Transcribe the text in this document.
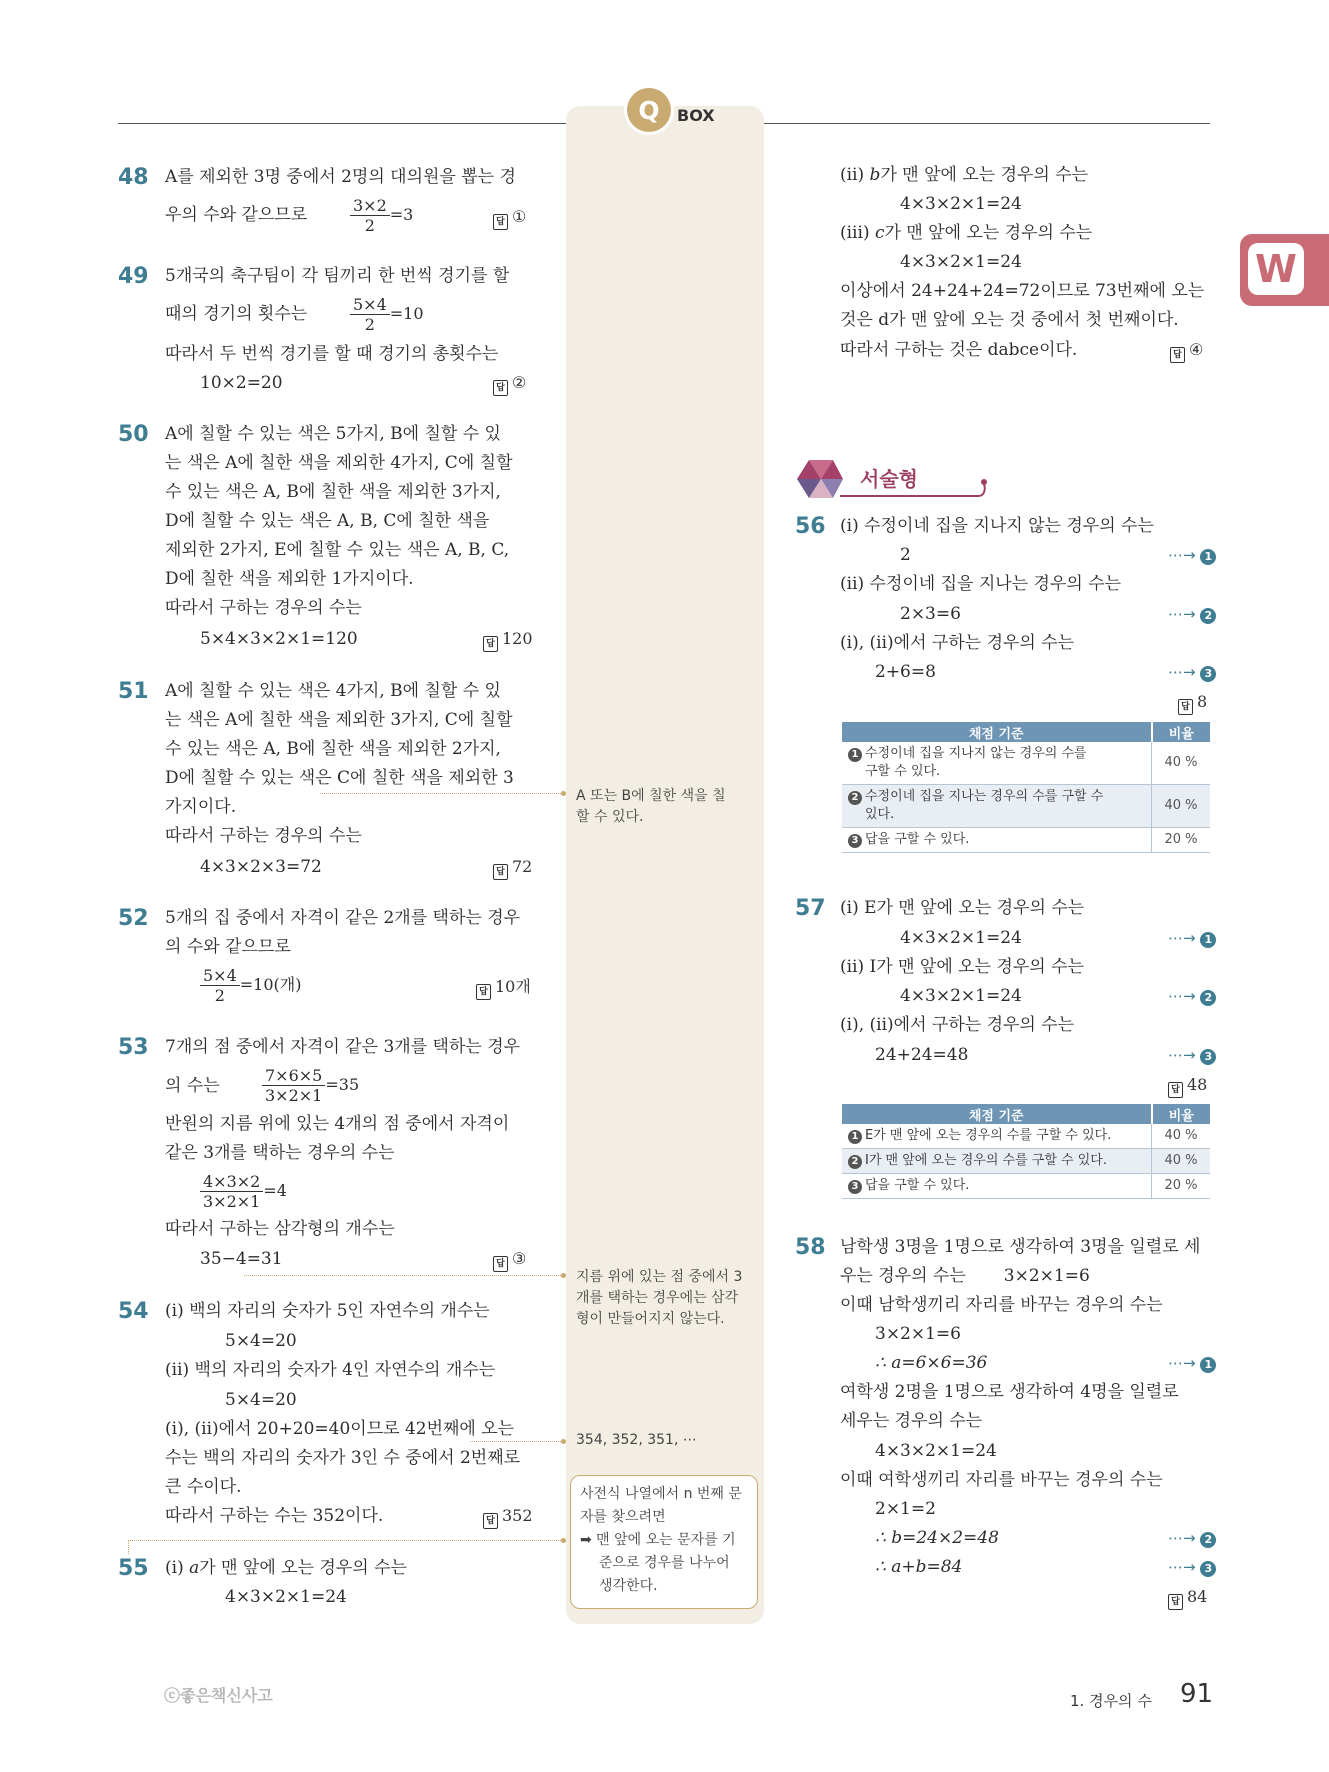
Q	BOX
W
48 A를 제외한 3명 중에서 2명의 대의원을 뽑는 경
우의 수와 같으므로	$\frac{3\times 2}{2} =3$	답 ①
49 5개국의 축구팀이 각 팀끼리 한 번씩 경기를 할
때의 경기의 횟수는	$\frac{5\times 4}{2} =10$
따라서 두 번씩 경기를 할 때 경기의 총횟수는
10×2=20	답 ②
50 A에 칠할 수 있는 색은 5가지, B에 칠할 수 있
는 색은 A에 칠한 색을 제외한 4가지, C에 칠할
수 있는 색은 A, B에 칠한 색을 제외한 3가지,
D에 칠할 수 있는 색은 A, B, C에 칠한 색을
제외한 2가지, E에 칠할 수 있는 색은 A, B, C,
D에 칠한 색을 제외한 1가지이다.
따라서 구하는 경우의 수는
5×4×3×2×1=120	답 120
51 A에 칠할 수 있는 색은 4가지, B에 칠할 수 있
는 색은 A에 칠한 색을 제외한 3가지, C에 칠할
수 있는 색은 A, B에 칠한 색을 제외한 2가지,
D에 칠할 수 있는 색은 C에 칠한 색을 제외한 3
가지이다.
따라서 구하는 경우의 수는
4×3×2×3=72	답 72
52 5개의 집 중에서 자격이 같은 2개를 택하는 경우
의 수와 같으므로
$\frac{5\times 4}{2} =10$(개)	답 10개
53 7개의 점 중에서 자격이 같은 3개를 택하는 경우
의 수는	$\frac{7\times 6\times 5}{3\times 2\times 1} =35$
반원의 지름 위에 있는 4개의 점 중에서 자격이
같은 3개를 택하는 경우의 수는
$\frac{4\times 3\times 2}{3\times 2\times 1} =4$
따라서 구하는 삼각형의 개수는
35−4=31	답 ③
54 (ⅰ) 백의 자리의 숫자가 5인 자연수의 개수는
5×4=20
(ⅱ) 백의 자리의 숫자가 4인 자연수의 개수는
5×4=20
(ⅰ), (ⅱ)에서 20+20=40이므로 42번째에 오는
수는 백의 자리의 숫자가 3인 수 중에서 2번째로
큰 수이다.
따라서 구하는 수는 352이다.	답 352
55 (ⅰ) a가 맨 앞에 오는 경우의 수는
4×3×2×1=24
A 또는 B에 칠한 색을 칠
할 수 있다.
지름 위에 있는 점 중에서 3
개를 택하는 경우에는 삼각
형이 만들어지지 않는다.
354, 352, 351, ⋯
사전식 나열에서 n 번째 문
자를 찾으려면
➡ 맨 앞에 오는 문자를 기
준으로 경우를 나누어
생각한다.
(ⅱ) b가 맨 앞에 오는 경우의 수는
4×3×2×1=24
(ⅲ) c가 맨 앞에 오는 경우의 수는
4×3×2×1=24
이상에서 24+24+24=72이므로 73번째에 오는
것은 d가 맨 앞에 오는 것 중에서 첫 번째이다.
따라서 구하는 것은 dabce이다.	답 ④
서술형
56 (ⅰ) 수정이네 집을 지나지 않는 경우의 수는
2	⋯→ 1
(ⅱ) 수정이네 집을 지나는 경우의 수는
2×3=6	⋯→ 2
(ⅰ), (ⅱ)에서 구하는 경우의 수는
2+6=8	⋯→ 3
답 8
채점 기준	비율
1 수정이네 집을 지나지 않는 경우의 수를
구할 수 있다.	40 %
2 수정이네 집을 지나는 경우의 수를 구할 수
있다.	40 %
3 답을 구할 수 있다.	20 %
57 (ⅰ) E가 맨 앞에 오는 경우의 수는
4×3×2×1=24	⋯→ 1
(ⅱ) I가 맨 앞에 오는 경우의 수는
4×3×2×1=24	⋯→ 2
(ⅰ), (ⅱ)에서 구하는 경우의 수는
24+24=48	⋯→ 3
답 48
채점 기준	비율
1 E가 맨 앞에 오는 경우의 수를 구할 수 있다.	40 %
2 I가 맨 앞에 오는 경우의 수를 구할 수 있다.	40 %
3 답을 구할 수 있다.	20 %
58 남학생 3명을 1명으로 생각하여 3명을 일렬로 세
우는 경우의 수는 3×2×1=6
이때 남학생끼리 자리를 바꾸는 경우의 수는
3×2×1=6
∴ a=6×6=36	⋯→ 1
여학생 2명을 1명으로 생각하여 4명을 일렬로
세우는 경우의 수는
4×3×2×1=24
이때 여학생끼리 자리를 바꾸는 경우의 수는
2×1=2
∴ b=24×2=48	⋯→ 2
∴ a+b=84	⋯→ 3
답 84
ⓒ좋은책신사고	1. 경우의 수 91
